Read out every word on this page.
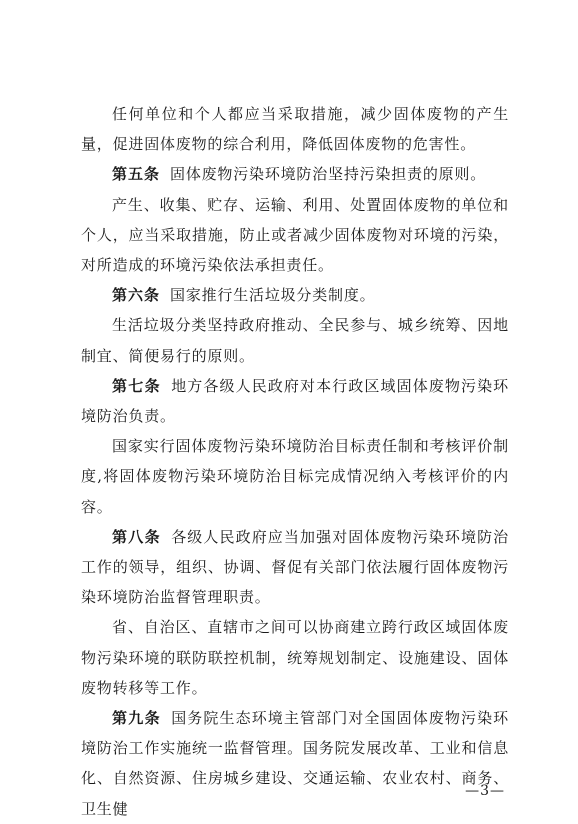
任何单位和个人都应当采取措施，减少固体废物的产生量，促进固体废物的综合利用，降低固体废物的危害性。

第五条 固体废物污染环境防治坚持污染担责的原则。

产生、收集、贮存、运输、利用、处置固体废物的单位和个人，应当采取措施，防止或者减少固体废物对环境的污染，对所造成的环境污染依法承担责任。

第六条 国家推行生活垃圾分类制度。

生活垃圾分类坚持政府推动、全民参与、城乡统筹、因地制宜、简便易行的原则。

第七条 地方各级人民政府对本行政区域固体废物污染环境防治负责。

国家实行固体废物污染环境防治目标责任制和考核评价制度,将固体废物污染环境防治目标完成情况纳入考核评价的内容。

第八条 各级人民政府应当加强对固体废物污染环境防治工作的领导，组织、协调、督促有关部门依法履行固体废物污染环境防治监督管理职责。

省、自治区、直辖市之间可以协商建立跨行政区域固体废物污染环境的联防联控机制，统筹规划制定、设施建设、固体废物转移等工作。

第九条 国务院生态环境主管部门对全国固体废物污染环境防治工作实施统一监督管理。国务院发展改革、工业和信息化、自然资源、住房城乡建设、交通运输、农业农村、商务、卫生健

—3—
